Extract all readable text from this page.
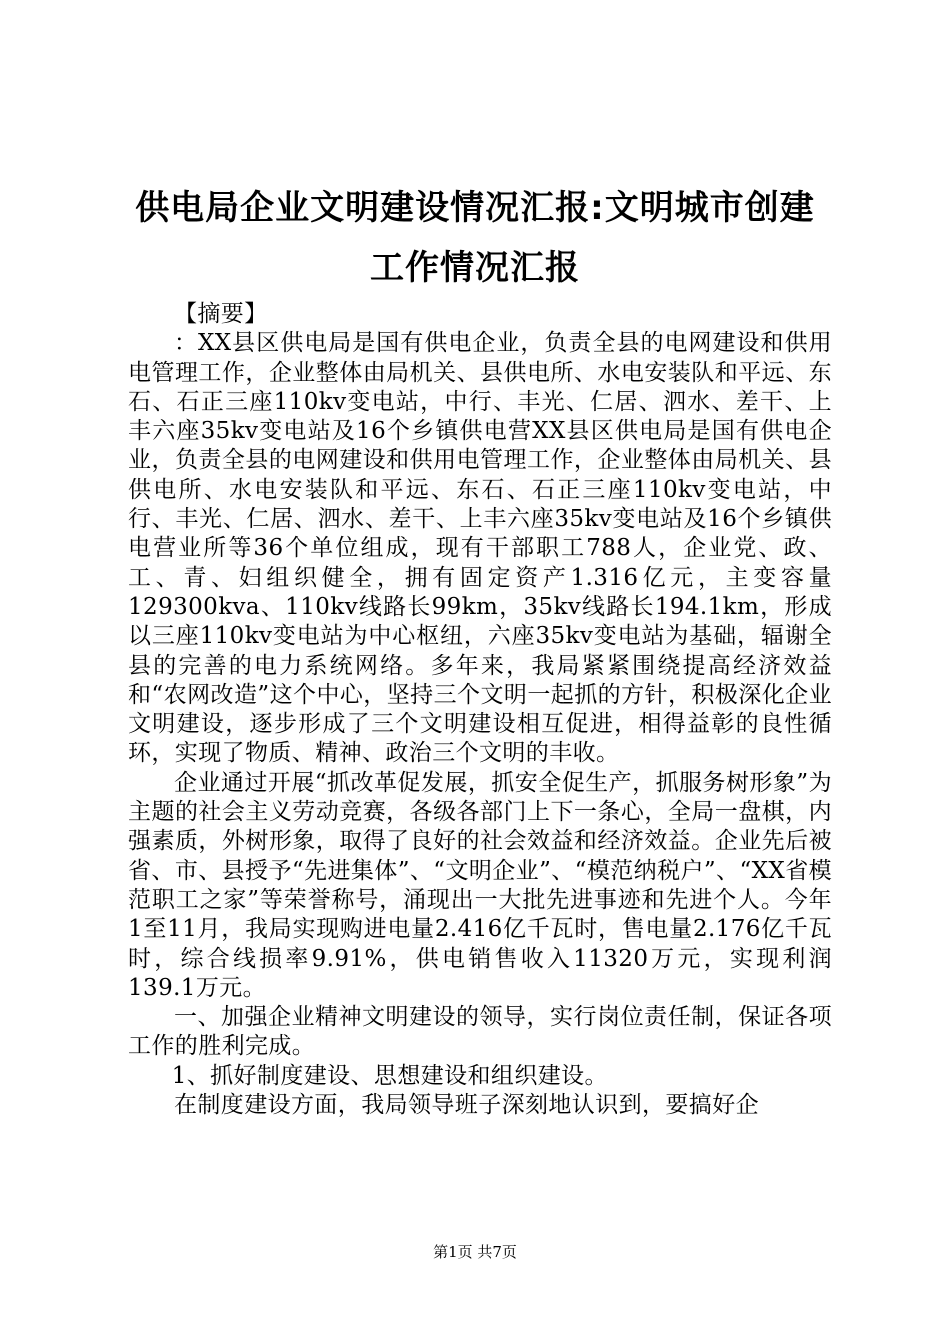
供电局企业文明建设情况汇报:文明城市创建
工作情况汇报

【摘要】

：XX县区供电局是国有供电企业，负责全县的电网建设和供用电管理工作，企业整体由局机关、县供电所、水电安装队和平远、东石、石正三座110kv变电站，中行、丰光、仁居、泗水、差干、上丰六座35kv变电站及16个乡镇供电营XX县区供电局是国有供电企业，负责全县的电网建设和供用电管理工作，企业整体由局机关、县供电所、水电安装队和平远、东石、石正三座110kv变电站，中行、丰光、仁居、泗水、差干、上丰六座35kv变电站及16个乡镇供电营业所等36个单位组成，现有干部职工788人，企业党、政、工、青、妇组织健全，拥有固定资产1.316亿元，主变容量129300kva、110kv线路长99km，35kv线路长194.1km，形成以三座110kv变电站为中心枢纽，六座35kv变电站为基础，辐谢全县的完善的电力系统网络。多年来，我局紧紧围绕提高经济效益和“农网改造”这个中心，坚持三个文明一起抓的方针，积极深化企业文明建设，逐步形成了三个文明建设相互促进，相得益彰的良性循环，实现了物质、精神、政治三个文明的丰收。

企业通过开展“抓改革促发展，抓安全促生产，抓服务树形象”为主题的社会主义劳动竞赛，各级各部门上下一条心，全局一盘棋，内强素质，外树形象，取得了良好的社会效益和经济效益。企业先后被省、市、县授予“先进集体”、“文明企业”、“模范纳税户”、“XX省模范职工之家”等荣誉称号，涌现出一大批先进事迹和先进个人。今年1至11月，我局实现购进电量2.416亿千瓦时，售电量2.176亿千瓦时，综合线损率9.91%，供电销售收入11320万元，实现利润139.1万元。

一、加强企业精神文明建设的领导，实行岗位责任制，保证各项工作的胜利完成。

1、抓好制度建设、思想建设和组织建设。

在制度建设方面，我局领导班子深刻地认识到，要搞好企

第1页 共7页
